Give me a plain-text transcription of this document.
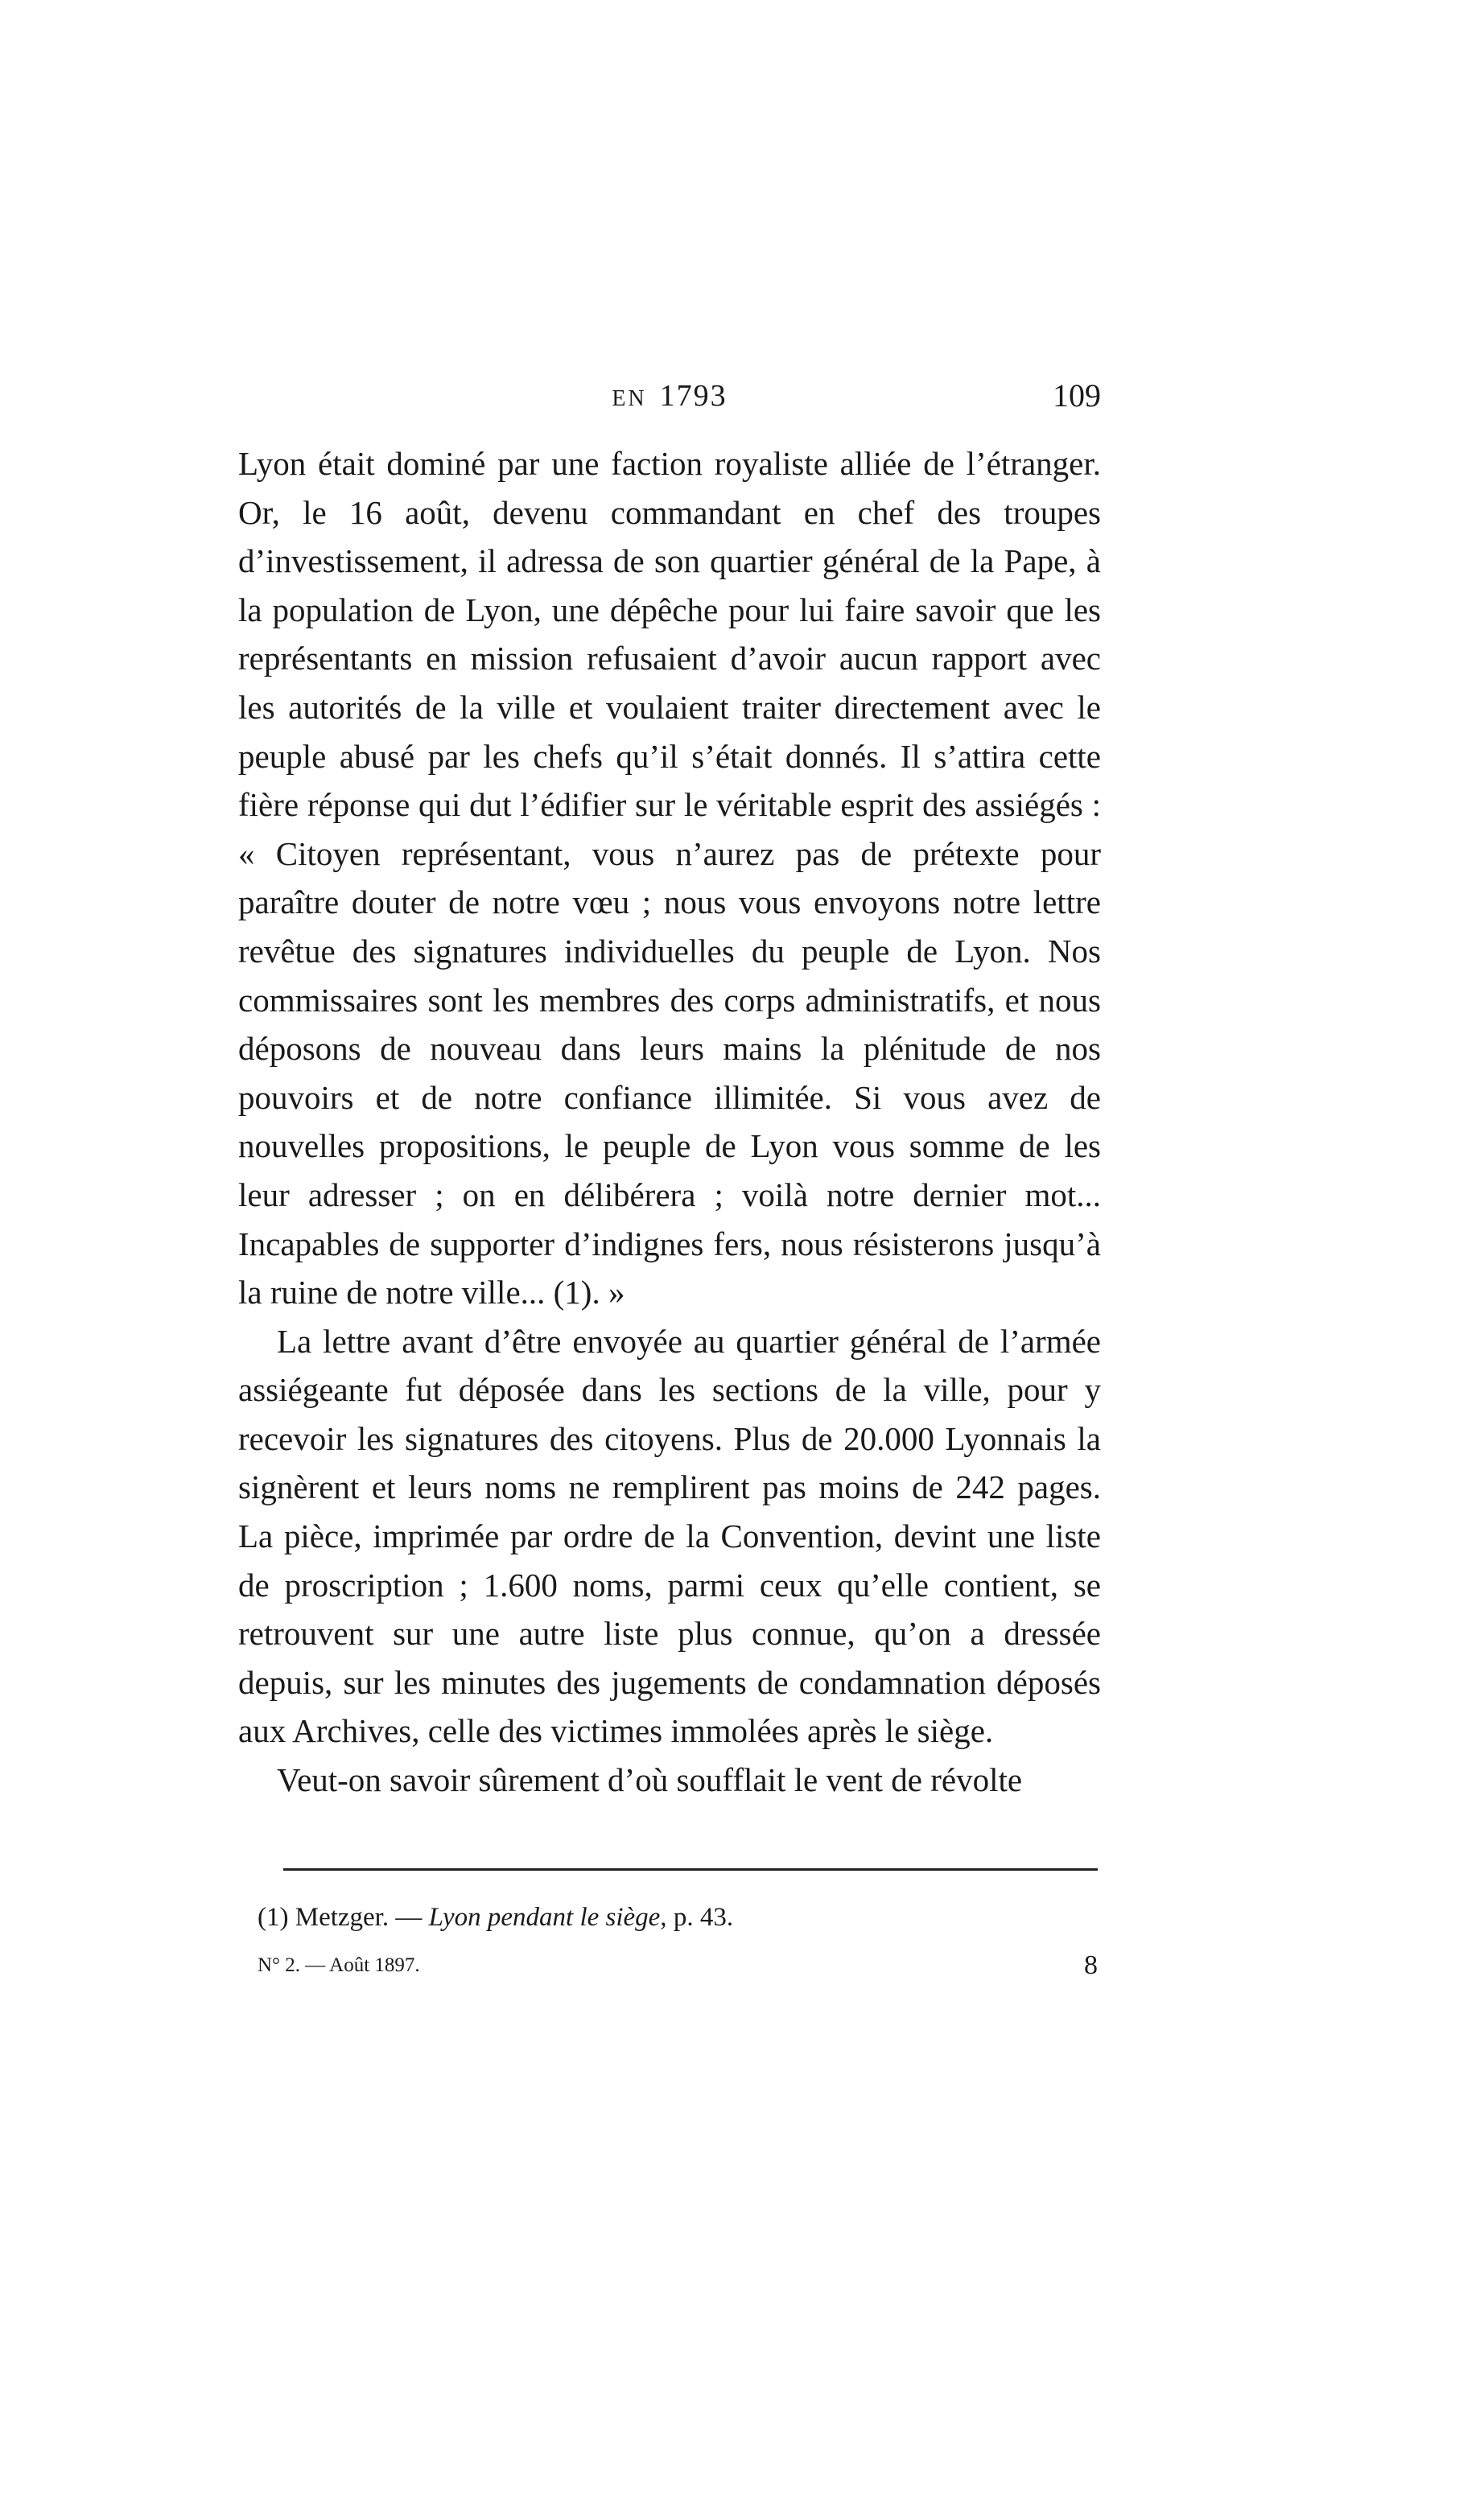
EN 1793	109

Lyon était dominé par une faction royaliste alliée de l’étranger. Or, le 16 août, devenu commandant en chef des troupes d’investissement, il adressa de son quartier général de la Pape, à la population de Lyon, une dépêche pour lui faire savoir que les représentants en mission refusaient d’avoir aucun rapport avec les autorités de la ville et voulaient traiter directement avec le peuple abusé par les chefs qu’il s’était donnés. Il s’attira cette fière réponse qui dut l’édifier sur le véritable esprit des assiégés : « Citoyen représentant, vous n’aurez pas de prétexte pour paraître douter de notre vœu ; nous vous envoyons notre lettre revêtue des signatures individuelles du peuple de Lyon. Nos commissaires sont les membres des corps administratifs, et nous déposons de nouveau dans leurs mains la plénitude de nos pouvoirs et de notre confiance illimitée. Si vous avez de nouvelles propositions, le peuple de Lyon vous somme de les leur adresser ; on en délibérera ; voilà notre dernier mot... Incapables de supporter d’indignes fers, nous résisterons jusqu’à la ruine de notre ville... (1). »

La lettre avant d’être envoyée au quartier général de l’armée assiégeante fut déposée dans les sections de la ville, pour y recevoir les signatures des citoyens. Plus de 20.000 Lyonnais la signèrent et leurs noms ne remplirent pas moins de 242 pages. La pièce, imprimée par ordre de la Convention, devint une liste de proscription ; 1.600 noms, parmi ceux qu’elle contient, se retrouvent sur une autre liste plus connue, qu’on a dressée depuis, sur les minutes des jugements de condamnation déposés aux Archives, celle des victimes immolées après le siège.

Veut-on savoir sûrement d’où soufflait le vent de révolte

(1) Metzger. — Lyon pendant le siège, p. 43.
N° 2. — Août 1897.	8
